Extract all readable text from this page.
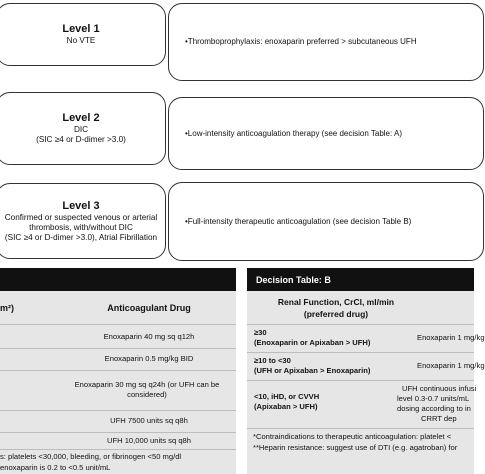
Level 1
No VTE
Level 2
DIC
(SIC ≥4 or D-dimer >3.0)
Level 3
Confirmed or suspected venous or arterial
thrombosis, with/without DIC
(SIC ≥4 or D-dimer >3.0), Atrial Fibrillation
•Thromboprophylaxis: enoxaparin preferred > subcutaneous UFH
•Low-intensity anticoagulation therapy (see decision Table: A)
•Full-intensity therapeutic anticoagulation (see decision Table B)
m²)	Anticoagulant Drug
Enoxaparin 40 mg sq q12h
Enoxaparin 0.5 mg/kg BID
Enoxaparin 30 mg sq q24h (or UFH can be considered)
UFH 7500 units sq q8h
UFH 10,000 units sq q8h
s: platelets <30,000, bleeding, or fibrinogen <50 mg/dl
enoxaparin is 0.2 to <0.5 unit/mL
Decision Table: B
Renal Function, CrCl, ml/min
(preferred drug)
≥30
(Enoxaparin or Apixaban > UFH)
Enoxaparin 1 mg/kg
≥10 to <30
(UFH or Apixaban > Enoxaparin)
Enoxaparin 1 mg/kg
<10, iHD, or CVVH
(Apixaban > UFH)
UFH continuous infusi
level 0.3-0.7 units/mL
dosing according to in
CRRT dep
*Contraindications to therapeutic anticoagulation: platelet <
**Heparin resistance: suggest use of DTI (e.g. agatroban) for
